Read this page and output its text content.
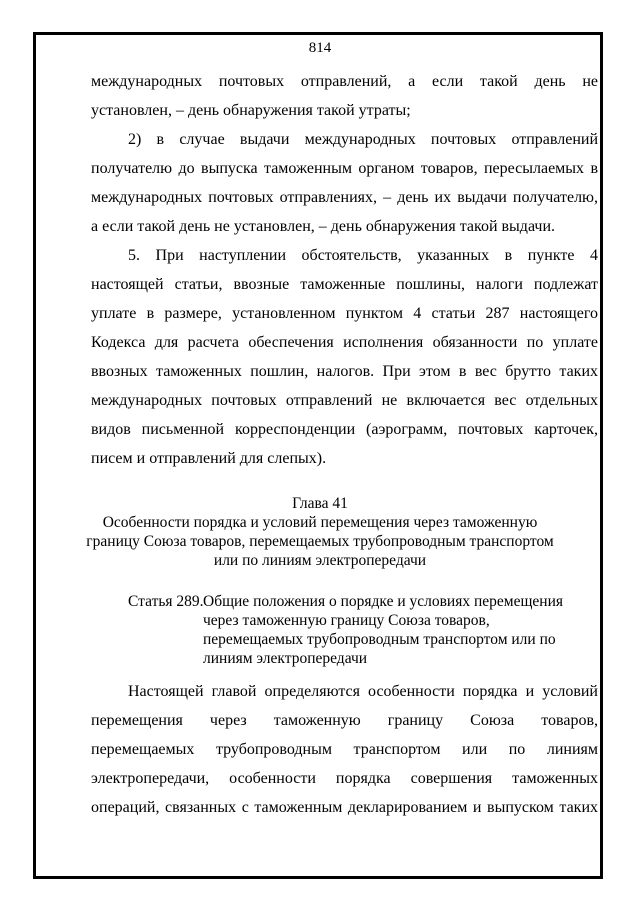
814

международных почтовых отправлений, а если такой день не

установлен, – день обнаружения такой утраты;

2) в случае выдачи международных почтовых отправлений

получателю до выпуска таможенным органом товаров, пересылаемых в

международных почтовых отправлениях, – день их выдачи получателю,

а если такой день не установлен, – день обнаружения такой выдачи.

5. При наступлении обстоятельств, указанных в пункте 4

настоящей статьи, ввозные таможенные пошлины, налоги подлежат

уплате в размере, установленном пунктом 4 статьи 287 настоящего

Кодекса для расчета обеспечения исполнения обязанности по уплате

ввозных таможенных пошлин, налогов. При этом в вес брутто таких

международных почтовых отправлений не включается вес отдельных

видов письменной корреспонденции (аэрограмм, почтовых карточек,

писем и отправлений для слепых).

Глава 41
Особенности порядка и условий перемещения через таможенную
границу Союза товаров, перемещаемых трубопроводным транспортом
или по линиям электропередачи
Статья 289. Общие положения о порядке и условиях перемещения
через таможенную границу Союза товаров,
перемещаемых трубопроводным транспортом или по
линиям электропередачи

Настоящей главой определяются особенности порядка и условий

перемещения через таможенную границу Союза товаров,

перемещаемых трубопроводным транспортом или по линиям

электропередачи, особенности порядка совершения таможенных

операций, связанных с таможенным декларированием и выпуском таких
